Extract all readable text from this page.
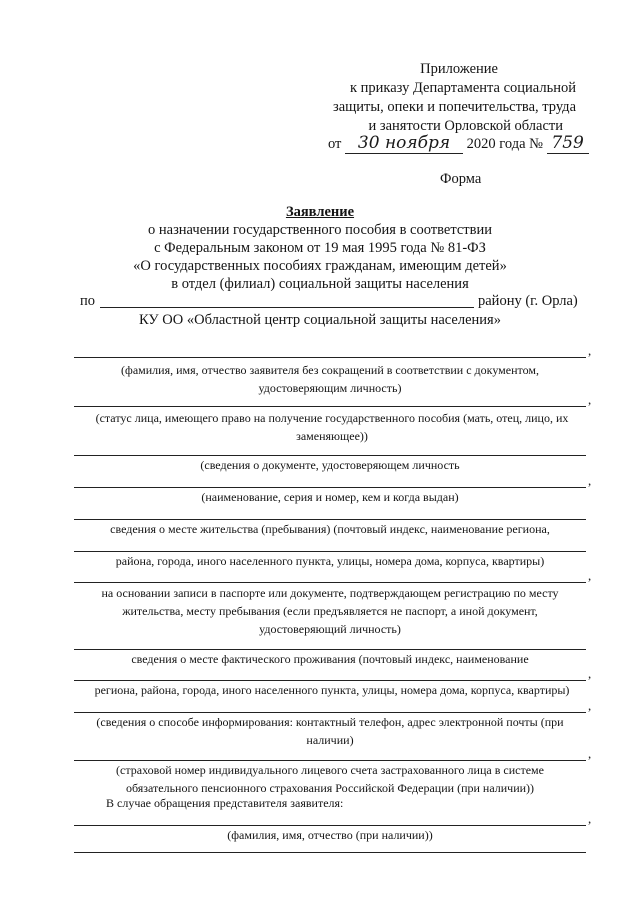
Приложение
к приказу Департамента социальной
защиты, опеки и попечительства, труда
и занятости Орловской области
от 30 ноября 2020 года № 759
Форма
Заявление
о назначении государственного пособия в соответствии
с Федеральным законом от 19 мая 1995 года № 81-ФЗ
«О государственных пособиях гражданам, имеющим детей»
в отдел (филиал) социальной защиты населения
по	району (г. Орла)
КУ ОО «Областной центр социальной защиты населения»
,
(фамилия, имя, отчество заявителя без сокращений в соответствии с документом, удостоверяющим личность)
,
(статус лица, имеющего право на получение государственного пособия (мать, отец, лицо, их заменяющее))
(сведения о документе, удостоверяющем личность
,
(наименование, серия и номер, кем и когда выдан)
сведения о месте жительства (пребывания) (почтовый индекс, наименование региона,
района, города, иного населенного пункта, улицы, номера дома, корпуса, квартиры)
,
на основании записи в паспорте или документе, подтверждающем регистрацию по месту жительства, месту пребывания (если предъявляется не паспорт, а иной документ, удостоверяющий личность)
сведения о месте фактического проживания (почтовый индекс, наименование
,
региона, района, города, иного населенного пункта, улицы, номера дома, корпуса, квартиры)
,
(сведения о способе информирования: контактный телефон, адрес электронной почты (при наличии)
,
(страховой номер индивидуального лицевого счета застрахованного лица в системе обязательного пенсионного страхования Российской Федерации (при наличии))
В случае обращения представителя заявителя:
,
(фамилия, имя, отчество (при наличии))
